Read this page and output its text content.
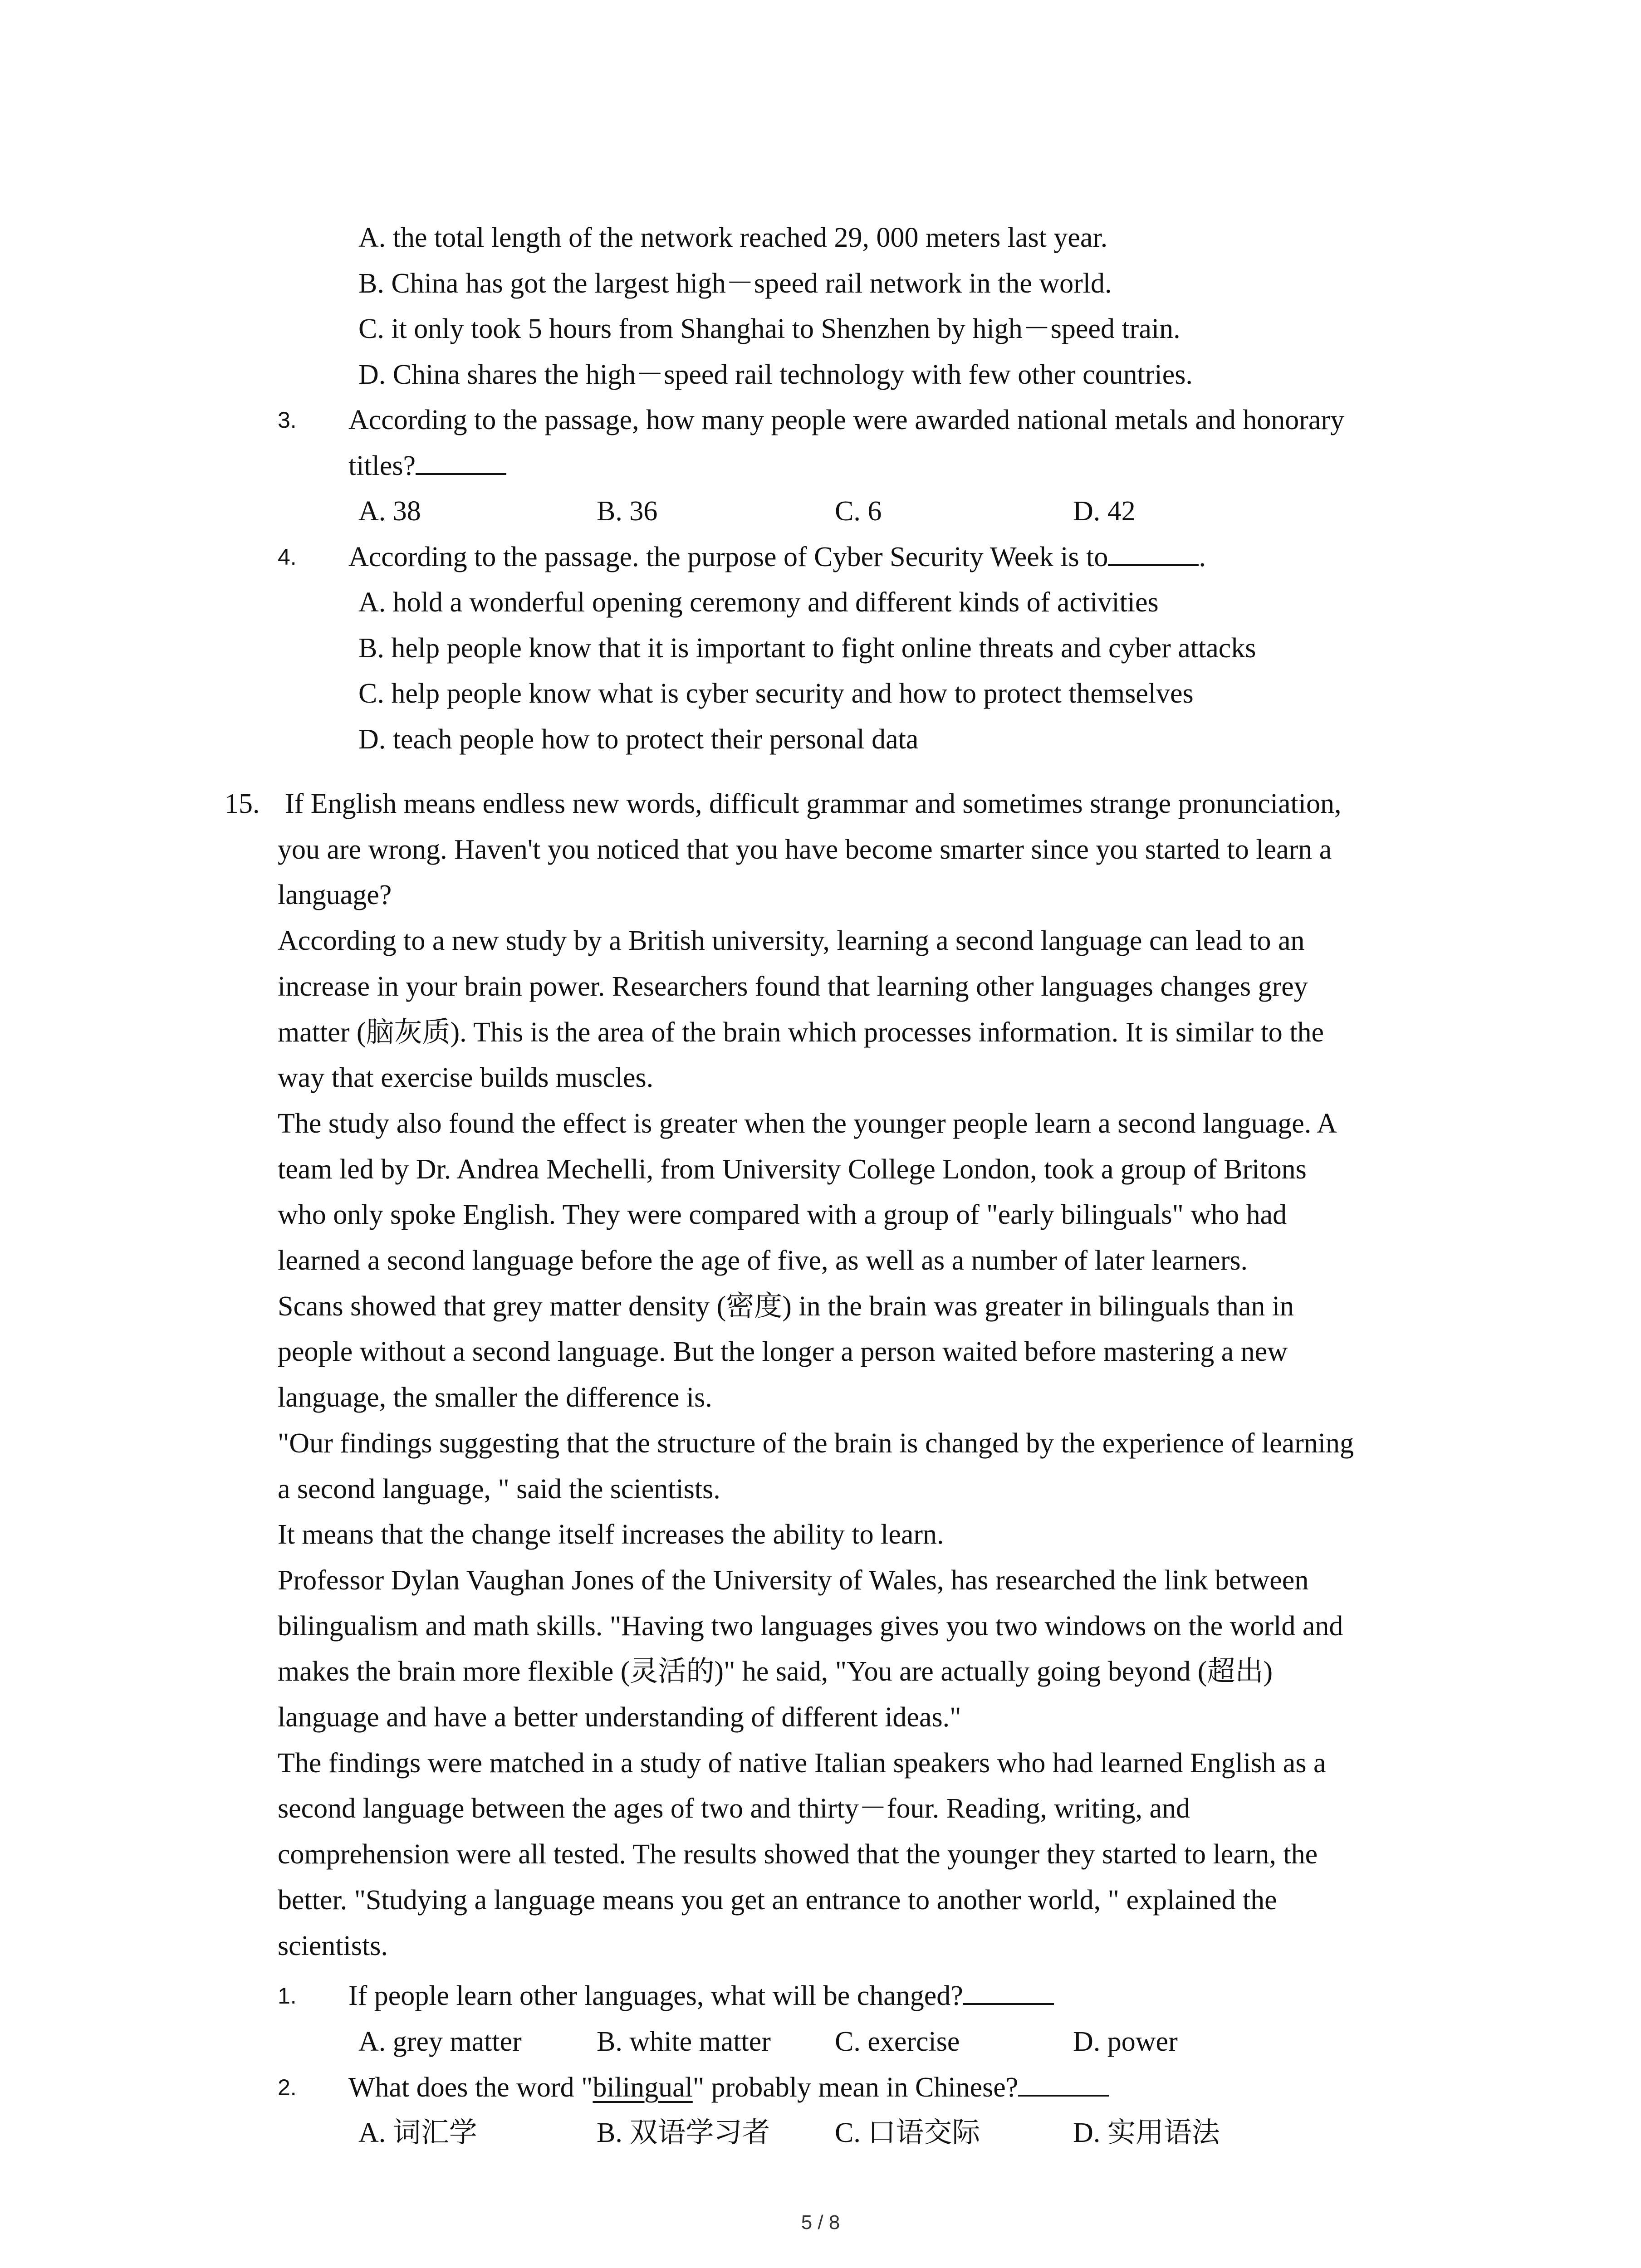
A. the total length of the network reached 29, 000 meters last year.
B. China has got the largest high－speed rail network in the world.
C. it only took 5 hours from Shanghai to Shenzhen by high－speed train.
D. China shares the high－speed rail technology with few other countries.
3. According to the passage, how many people were awarded national metals and honorary
titles?
A. 38	B. 36	C. 6	D. 42
4. According to the passage. the purpose of Cyber Security Week is to	.
A. hold a wonderful opening ceremony and different kinds of activities
B. help people know that it is important to fight online threats and cyber attacks
C. help people know what is cyber security and how to protect themselves
D. teach people how to protect their personal data
15. If English means endless new words, difficult grammar and sometimes strange pronunciation,
you are wrong. Haven't you noticed that you have become smarter since you started to learn a
language?
According to a new study by a British university, learning a second language can lead to an
increase in your brain power. Researchers found that learning other languages changes grey
matter (脑灰质). This is the area of the brain which processes information. It is similar to the
way that exercise builds muscles.
The study also found the effect is greater when the younger people learn a second language. A
team led by Dr. Andrea Mechelli, from University College London, took a group of Britons
who only spoke English. They were compared with a group of "early bilinguals" who had
learned a second language before the age of five, as well as a number of later learners.
Scans showed that grey matter density (密度) in the brain was greater in bilinguals than in
people without a second language. But the longer a person waited before mastering a new
language, the smaller the difference is.
"Our findings suggesting that the structure of the brain is changed by the experience of learning
a second language, " said the scientists.
It means that the change itself increases the ability to learn.
Professor Dylan Vaughan Jones of the University of Wales, has researched the link between
bilingualism and math skills. "Having two languages gives you two windows on the world and
makes the brain more flexible (灵活的)" he said, "You are actually going beyond (超出)
language and have a better understanding of different ideas."
The findings were matched in a study of native Italian speakers who had learned English as a
second language between the ages of two and thirty－four. Reading, writing, and
comprehension were all tested. The results showed that the younger they started to learn, the
better. "Studying a language means you get an entrance to another world, " explained the
scientists.
1. If people learn other languages, what will be changed?
A. grey matter	B. white matter C. exercise	D. power
2. What does the word "bilingual" probably mean in Chinese?
A. 词汇学	B. 双语学习者 C. 口语交际	D. 实用语法
5 / 8
